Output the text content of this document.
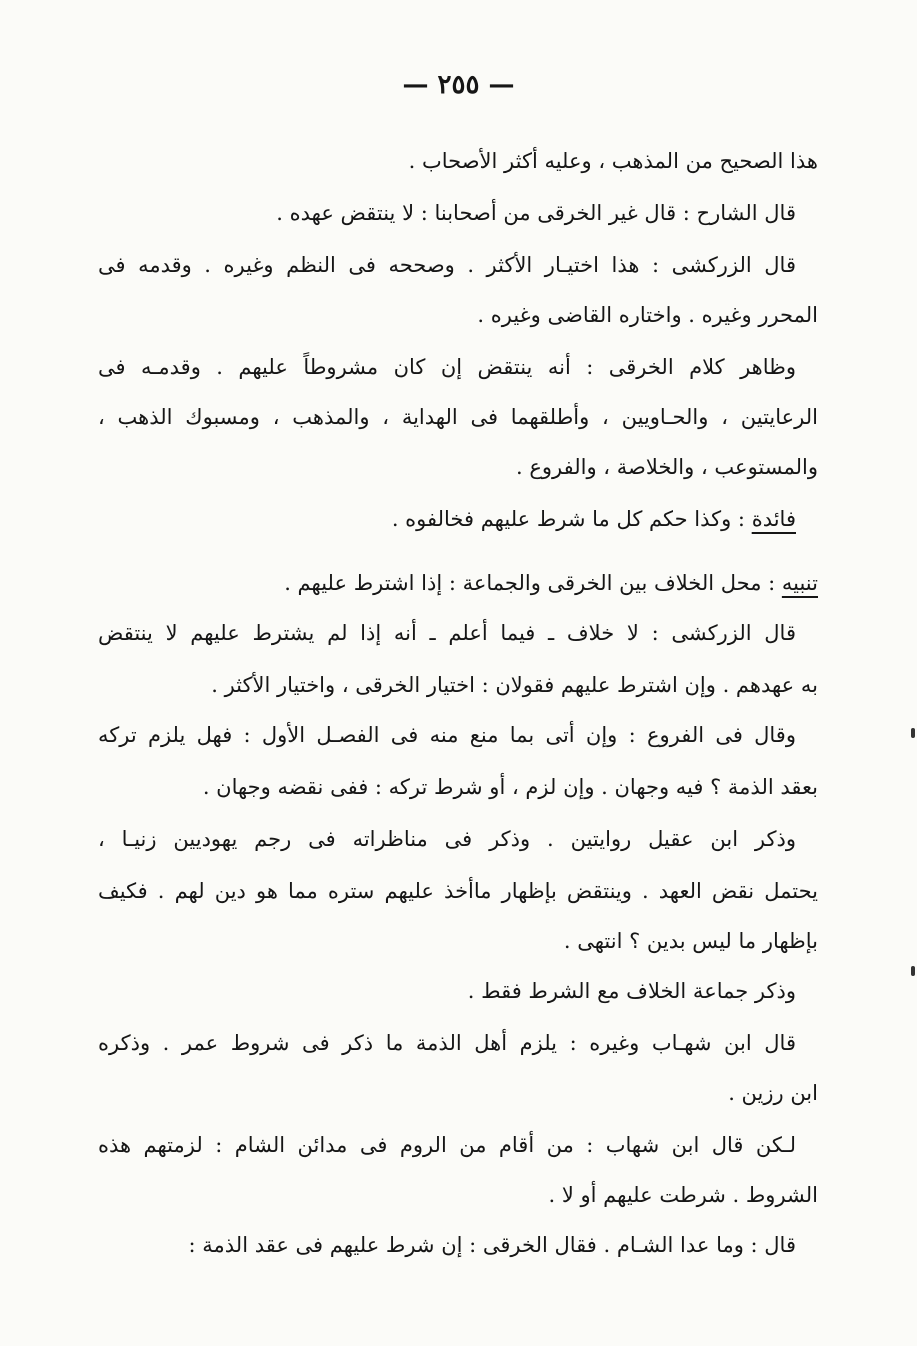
— ٢٥٥ —
هذا الصحيح من المذهب ، وعليه أكثر الأصحاب .
قال الشارح : قال غير الخرقى من أصحابنا : لا ينتقض عهده .
قال الزركشى : هذا اختيـار الأكثر . وصححه فى النظم وغيره . وقدمه فى
المحرر وغيره . واختاره القاضى وغيره .
وظاهر كلام الخرقى : أنه ينتقض إن كان مشروطاً عليهم . وقدمـه فى
الرعايتين ، والحـاويين ، وأطلقهما فى الهداية ، والمذهب ، ومسبوك الذهب ،
والمستوعب ، والخلاصة ، والفروع .
فائدة : وكذا حكم كل ما شرط عليهم فخالفوه .
تنبيه : محل الخلاف بين الخرقى والجماعة : إذا اشترط عليهم .
قال الزركشى : لا خلاف ـ فيما أعلم ـ أنه إذا لم يشترط عليهم لا ينتقض
به عهدهم . وإن اشترط عليهم فقولان : اختيار الخرقى ، واختيار الأكثر .
وقال فى الفروع : وإن أتى بما منع منه فى الفصـل الأول : فهل يلزم تركه
بعقد الذمة ؟ فيه وجهان . وإن لزم ، أو شرط تركه : ففى نقضه وجهان .
وذكر ابن عقيل روايتين . وذكر فى مناظراته فى رجم يهوديين زنيـا ،
يحتمل نقض العهد . وينتقض بإظهار ماأخذ عليهم ستره مما هو دين لهم . فكيف
بإظهار ما ليس بدين ؟ انتهى .
وذكر جماعة الخلاف مع الشرط فقط .
قال ابن شهـاب وغيره : يلزم أهل الذمة ما ذكر فى شروط عمر . وذكره
ابن رزين .
لـكن قال ابن شهاب : من أقام من الروم فى مدائن الشام : لزمتهم هذه
الشروط . شرطت عليهم أو لا .
قال : وما عدا الشـام . فقال الخرقى : إن شرط عليهم فى عقد الذمة :
